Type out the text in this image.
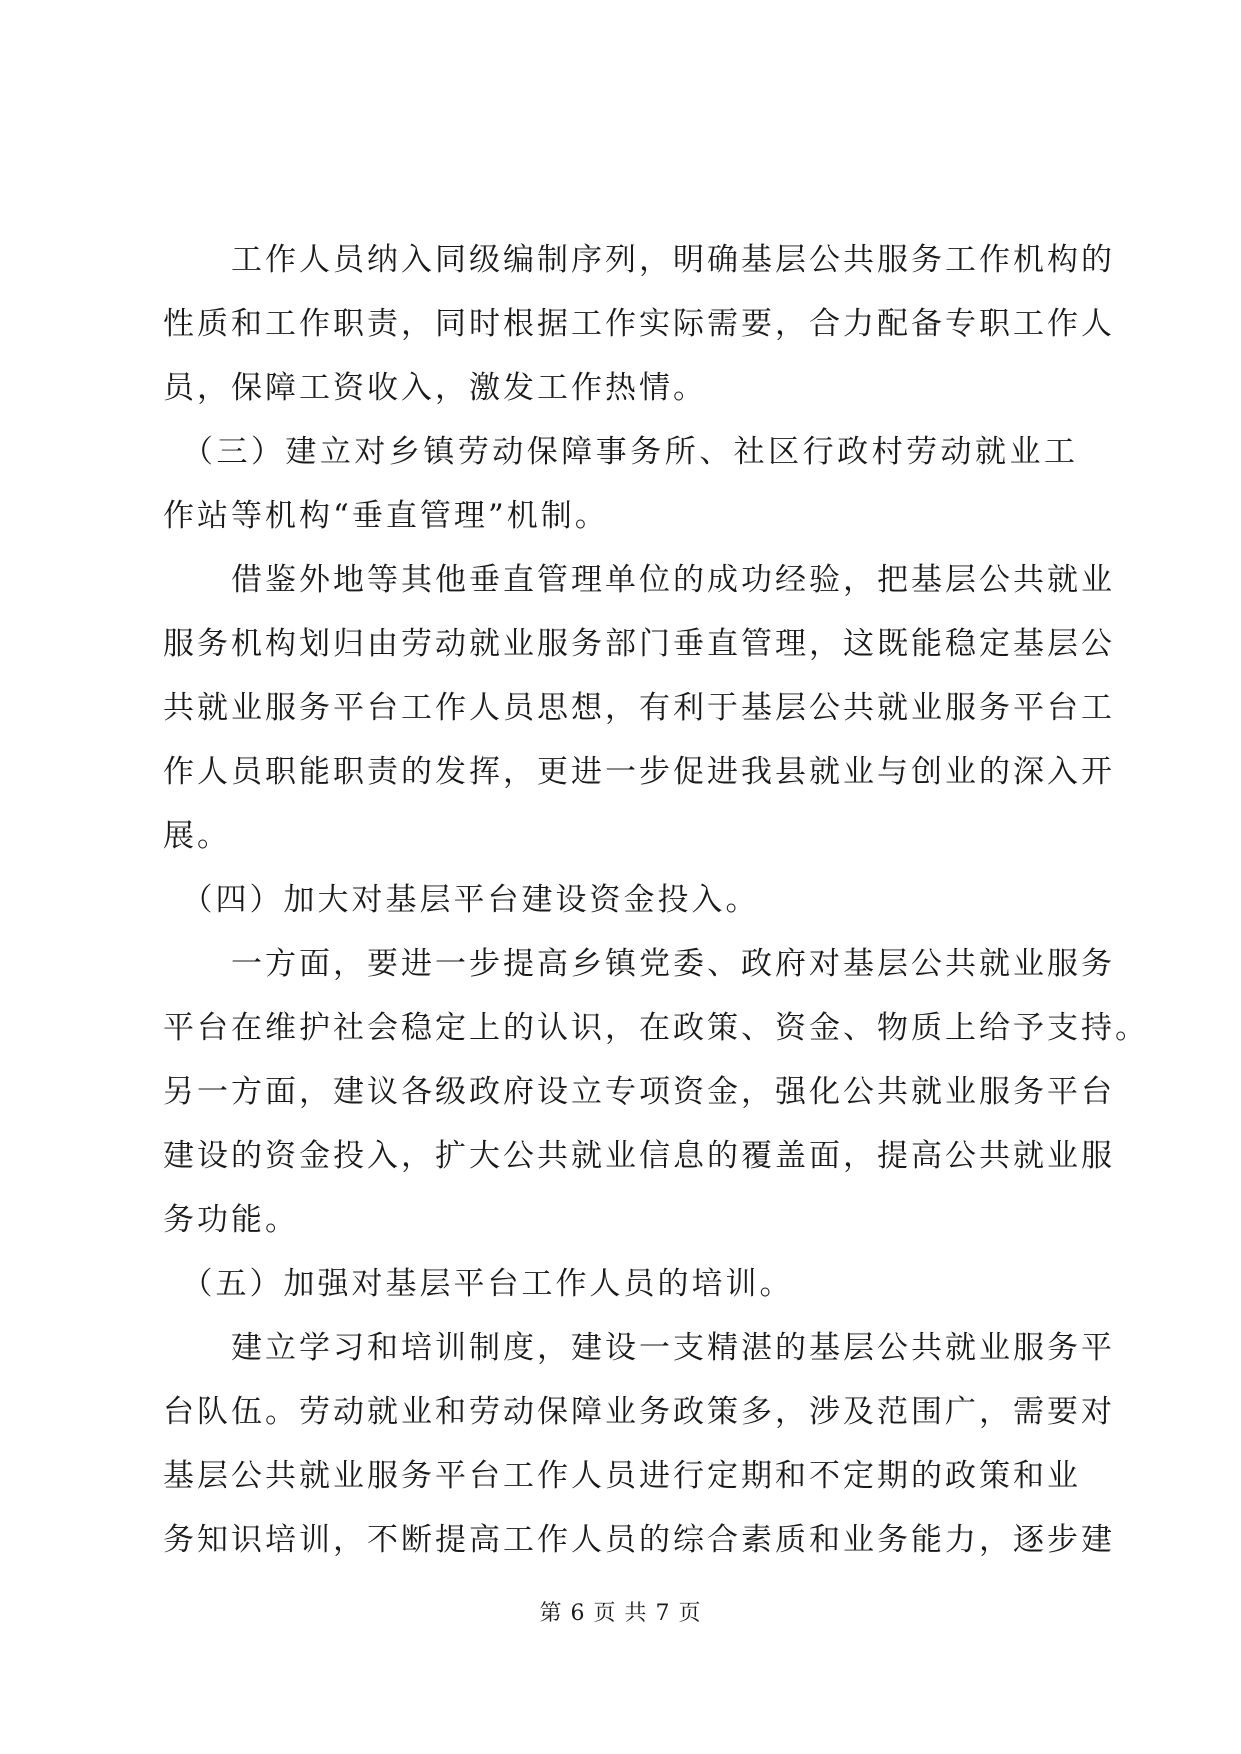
　　工作人员纳入同级编制序列，明确基层公共服务工作机构的
性质和工作职责，同时根据工作实际需要，合力配备专职工作人
员，保障工资收入，激发工作热情。
　（三）建立对乡镇劳动保障事务所、社区行政村劳动就业工
作站等机构“垂直管理”机制。
　　借鉴外地等其他垂直管理单位的成功经验，把基层公共就业
服务机构划归由劳动就业服务部门垂直管理，这既能稳定基层公
共就业服务平台工作人员思想，有利于基层公共就业服务平台工
作人员职能职责的发挥，更进一步促进我县就业与创业的深入开
展。
　（四）加大对基层平台建设资金投入。
　　一方面，要进一步提高乡镇党委、政府对基层公共就业服务
平台在维护社会稳定上的认识，在政策、资金、物质上给予支持。
另一方面，建议各级政府设立专项资金，强化公共就业服务平台
建设的资金投入，扩大公共就业信息的覆盖面，提高公共就业服
务功能。
　（五）加强对基层平台工作人员的培训。
　　建立学习和培训制度，建设一支精湛的基层公共就业服务平
台队伍。劳动就业和劳动保障业务政策多，涉及范围广，需要对
基层公共就业服务平台工作人员进行定期和不定期的政策和业
务知识培训，不断提高工作人员的综合素质和业务能力，逐步建
第 6 页 共 7 页
